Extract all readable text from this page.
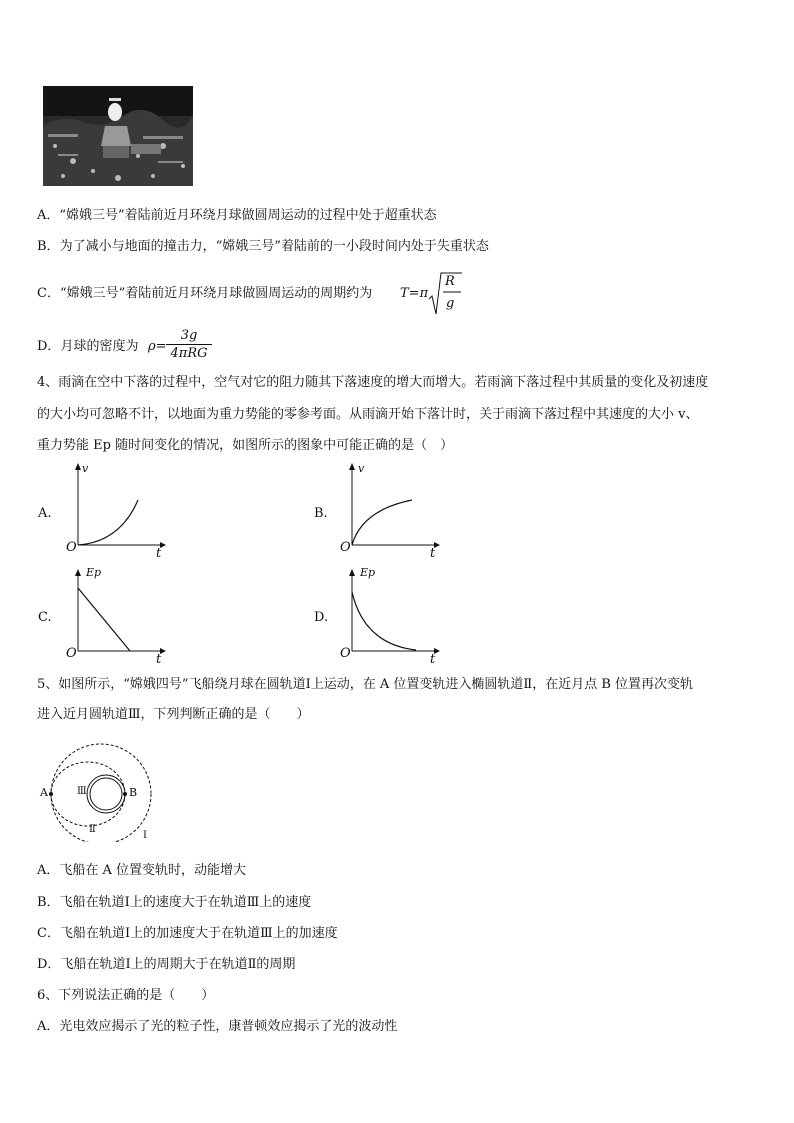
A．“嫦娥三号”着陆前近月环绕月球做圆周运动的过程中处于超重状态
B．为了减小与地面的撞击力，“嫦娥三号”着陆前的一小段时间内处于失重状态
C．“嫦娥三号”着陆前近月环绕月球做圆周运动的周期约为 T=π
R
g
D．月球的密度为 ρ=
3g
4πRG
4、雨滴在空中下落的过程中，空气对它的阻力随其下落速度的增大而增大。若雨滴下落过程中其质量的变化及初速度
的大小均可忽略不计，以地面为重力势能的零参考面。从雨滴开始下落计时，关于雨滴下落过程中其速度的大小 v、
重力势能 Ep 随时间变化的情况，如图所示的图象中可能正确的是（　）
A.
v
t
O
B.
v
t
O
C.
Ep
t
O
D.
Ep
t
O
5、如图所示，“嫦娥四号”飞船绕月球在圆轨道Ⅰ上运动，在 A 位置变轨进入椭圆轨道Ⅱ，在近月点 B 位置再次变轨
进入近月圆轨道Ⅲ，下列判断正确的是（　　）
A	B
Ⅲ
Ⅱ
Ⅰ
A．飞船在 A 位置变轨时，动能增大
B．飞船在轨道Ⅰ上的速度大于在轨道Ⅲ上的速度
C．飞船在轨道Ⅰ上的加速度大于在轨道Ⅲ上的加速度
D．飞船在轨道Ⅰ上的周期大于在轨道Ⅱ的周期
6、下列说法正确的是（　　）
A．光电效应揭示了光的粒子性，康普顿效应揭示了光的波动性
